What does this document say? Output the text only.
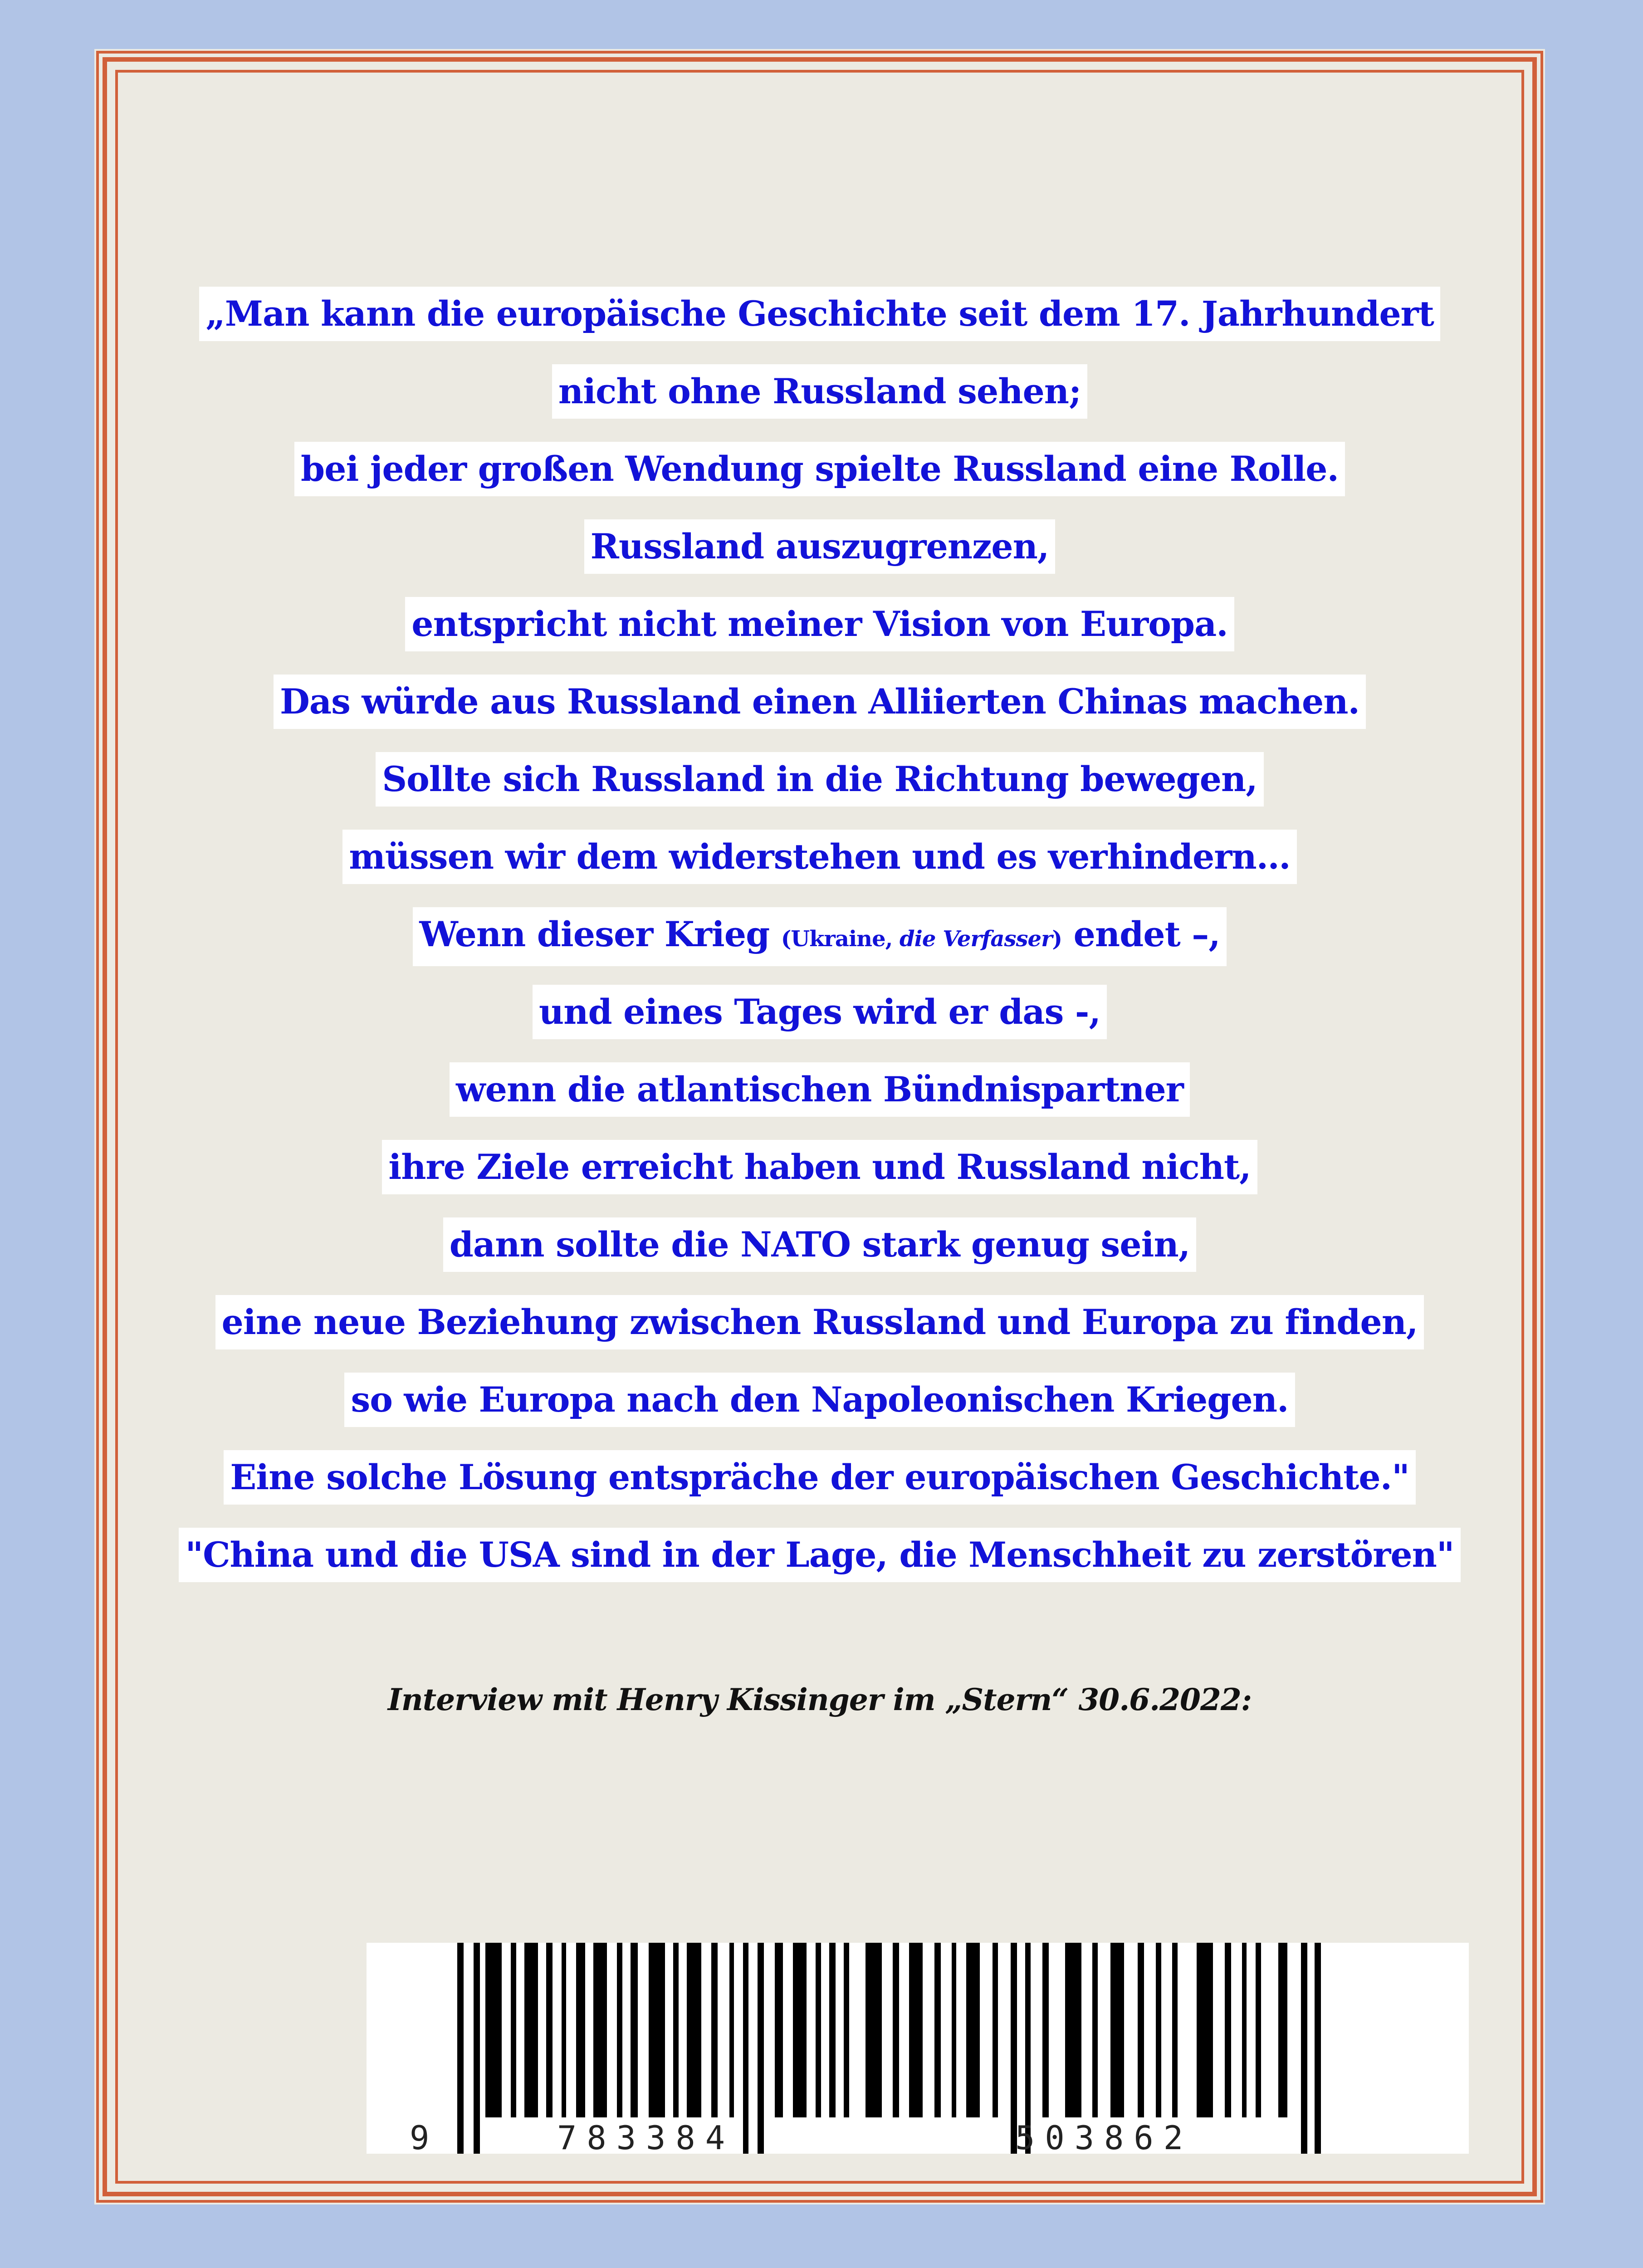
„Man kann die europäische Geschichte seit dem 17. Jahrhundert
nicht ohne Russland sehen;
bei jeder großen Wendung spielte Russland eine Rolle.
Russland auszugrenzen,
entspricht nicht meiner Vision von Europa.
Das würde aus Russland einen Alliierten Chinas machen.
Sollte sich Russland in die Richtung bewegen,
müssen wir dem widerstehen und es verhindern…
Wenn dieser Krieg (Ukraine, die Verfasser) endet –,
und eines Tages wird er das -,
wenn die atlantischen Bündnispartner
ihre Ziele erreicht haben und Russland nicht,
dann sollte die NATO stark genug sein,
eine neue Beziehung zwischen Russland und Europa zu finden,
so wie Europa nach den Napoleonischen Kriegen.
Eine solche Lösung entspräche der europäischen Geschichte."
"China und die USA sind in der Lage, die Menschheit zu zerstören"
Interview mit Henry Kissinger im „Stern“ 30.6.2022:
9	783384	503862
